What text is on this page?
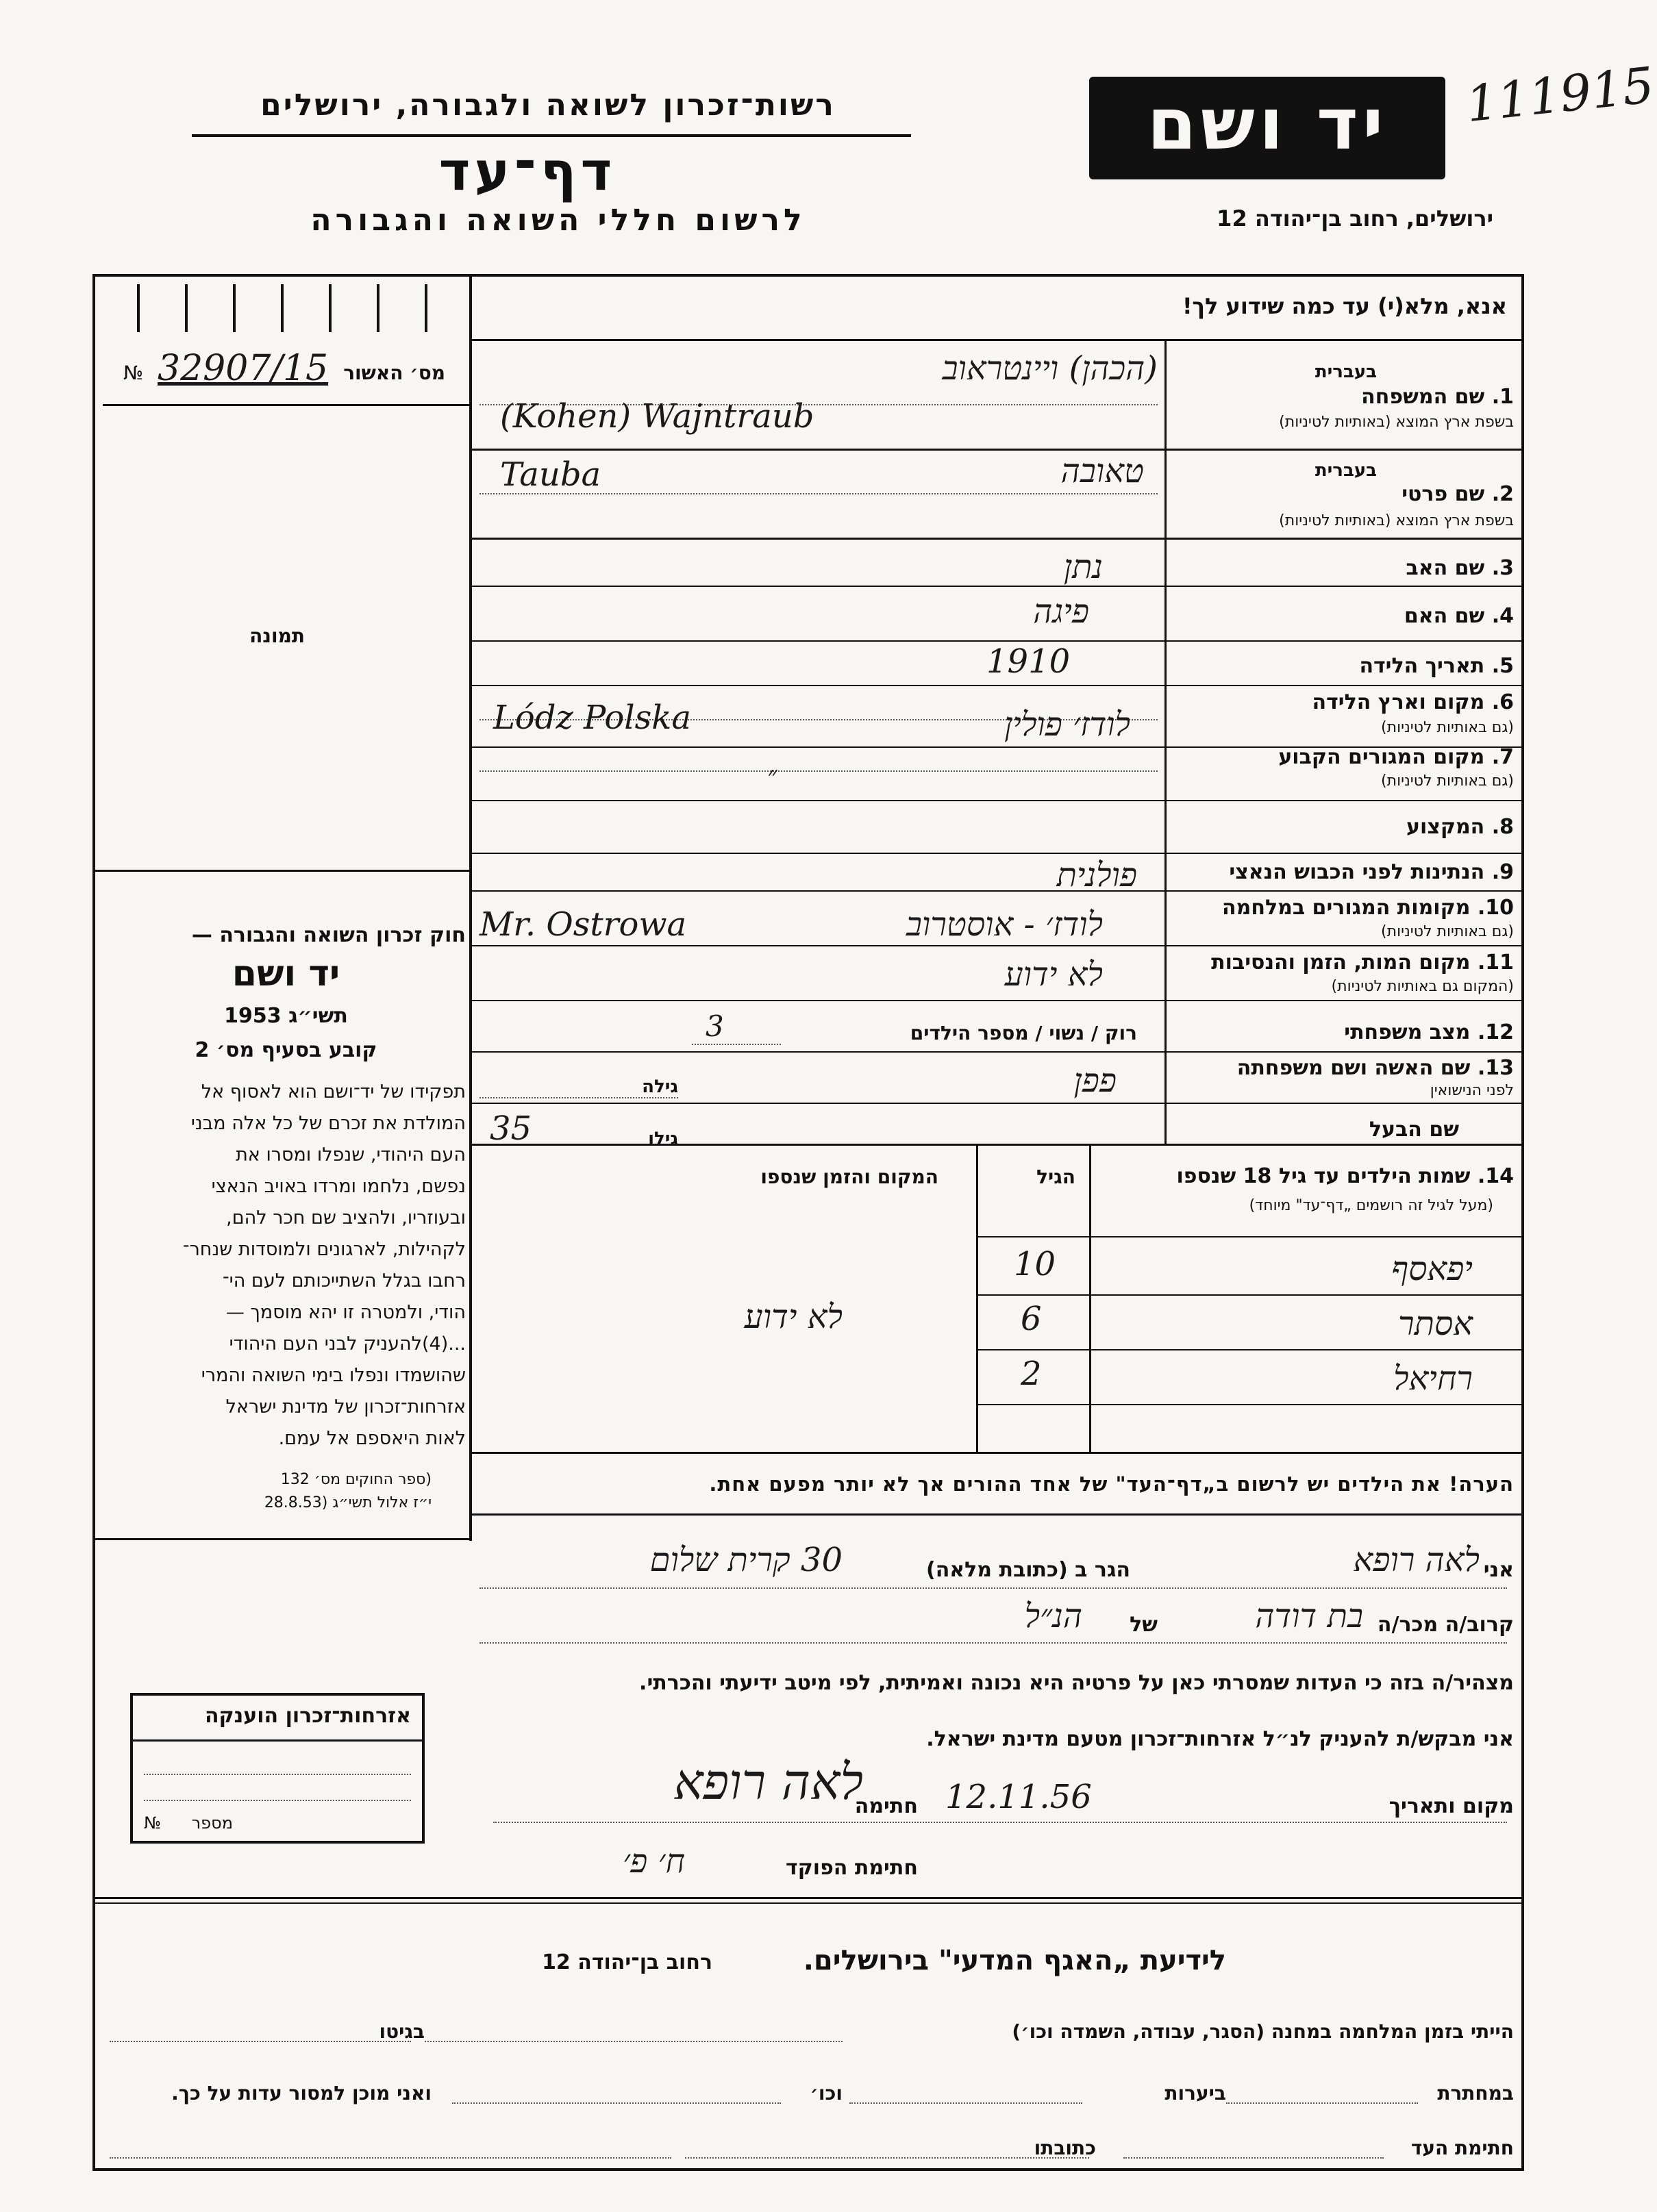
יד ושם	111915
רשות־זכרון לשואה ולגבורה, ירושלים
דף־עד
לרשום חללי השואה והגבורה	ירושלים, רחוב בן־יהודה 12
אנא, מלא(י) עד כמה שידוע לך!
מס׳ האשור
№ 32907/15
תמונה
חוק זכרון השואה והגבורה —
יד ושם
תשי״ג 1953
קובע בסעיף מס׳ 2
תפקידו של יד־ושם הוא לאסוף אל
המולדת את זכרם של כל אלה מבני
העם היהודי, שנפלו ומסרו את
נפשם, נלחמו ומרדו באויב הנאצי
ובעוזריו, ולהציב שם חכר להם,
לקהילות, לארגונים ולמוסדות שנחר־
רחבו בגלל השתייכותם לעם הי־
הודי, ולמטרה זו יהא מוסמך —
...(4)להעניק לבני העם היהודי
שהושמדו ונפלו בימי השואה והמרי
אזרחות־זכרון של מדינת ישראל
לאות היאספם אל עמם.
(ספר החוקים מס׳ 132
י״ז אלול תשי״ג (28.8.53
בעברית
1. שם המשפחה
בשפת ארץ המוצא (באותיות לטיניות)
בעברית
2. שם פרטי
בשפת ארץ המוצא (באותיות לטיניות)
3. שם האב
4. שם האם
5. תאריך הלידה
6. מקום וארץ הלידה
(גם באותיות לטיניות)
7. מקום המגורים הקבוע
(גם באותיות לטיניות)
8. המקצוע
9. הנתינות לפני הכבוש הנאצי
10. מקומות המגורים במלחמה
(גם באותיות לטיניות)
11. מקום המות, הזמן והנסיבות
(המקום גם באותיות לטיניות)
12. מצב משפחתי
רוק / נשוי / מספר הילדים
13. שם האשה ושם משפחתה
לפני הנישואין
גילה
שם הבעל
גילו
(הכהן) ויינטראוב
(Kohen) Wajntraub
טאובה
Tauba
נתן
פיגה
1910
לודז׳ פולין
Lódz Polska
״
פולנית
לודז׳ - אוסטרוב
Mr. Ostrowa
לא ידוע
3
פפן
35
14. שמות הילדים עד גיל 18 שנספו
(מעל לגיל זה רושמים „דף־עד" מיוחד)
הגיל
המקום והזמן שנספו
יפאסף
10
אסתר
6
רחיאל
2
לא ידוע
הערה! את הילדים יש לרשום ב„דף־העד" של אחד ההורים אך לא יותר מפעם אחת.
אני
לאה רופא
הגר ב (כתובת מלאה)
30 קרית שלום
קרוב/ה מכר/ה
בת דודה
של
הנ״ל
מצהיר/ה בזה כי העדות שמסרתי כאן על פרטיה היא נכונה ואמיתית, לפי מיטב ידיעתי והכרתי.
אני מבקש/ת להעניק לנ״ל אזרחות־זכרון מטעם מדינת ישראל.
מקום ותאריך
12.11.56
חתימה
לאה רופא
חתימת הפוקד
ח׳ פ׳
אזרחות־זכרון הוענקה
מספר
№
לידיעת „האגף המדעי" בירושלים.
רחוב בן־יהודה 12
הייתי בזמן המלחמה במחנה (הסגר, עבודה, השמדה וכו׳)
בגיטו
במחתרת
ביערות
וכו׳
ואני מוכן למסור עדות על כך.
חתימת העד
כתובתו
